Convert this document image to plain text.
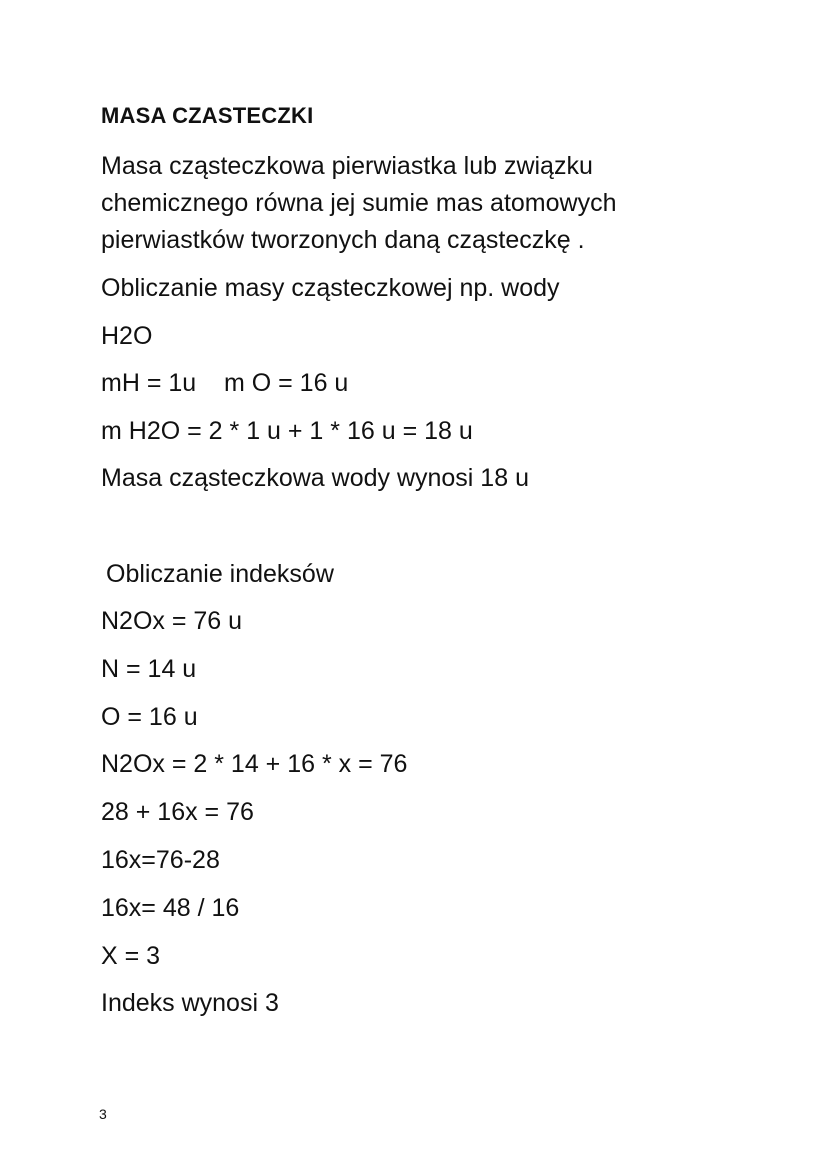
MASA CZASTECZKI

Masa cząsteczkowa pierwiastka lub związku chemicznego równa jej sumie mas atomowych pierwiastków tworzonych daną cząsteczkę .

Obliczanie masy cząsteczkowej np. wody

H2O

mH = 1u    m O = 16 u

m H2O = 2 * 1 u + 1 * 16 u = 18 u

Masa cząsteczkowa wody wynosi 18 u

Obliczanie indeksów

N2Ox = 76 u

N = 14 u

O = 16 u

N2Ox = 2 * 14 + 16 * x = 76

28 + 16x = 76

16x=76-28

16x= 48 / 16

X = 3

Indeks wynosi 3

3
